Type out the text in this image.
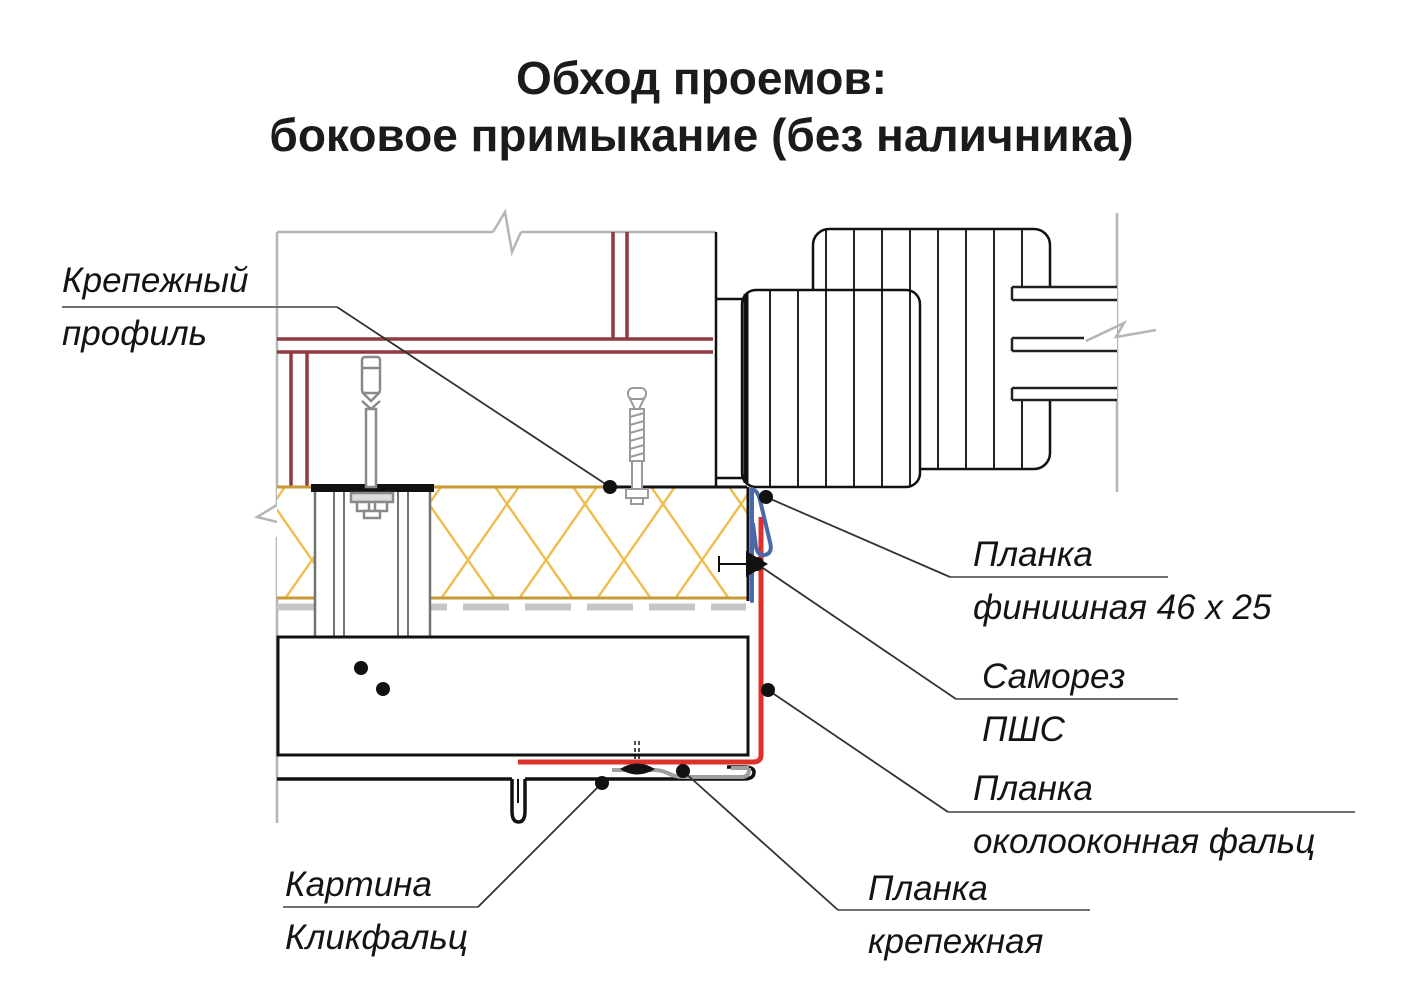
Обход проемов:
боковое примыкание (без наличника)
Крепежный
профиль
Планка
финишная 46 х 25
Саморез
ПШС
Планка
околооконная фальц
Картина
Кликфальц
Планка
крепежная
